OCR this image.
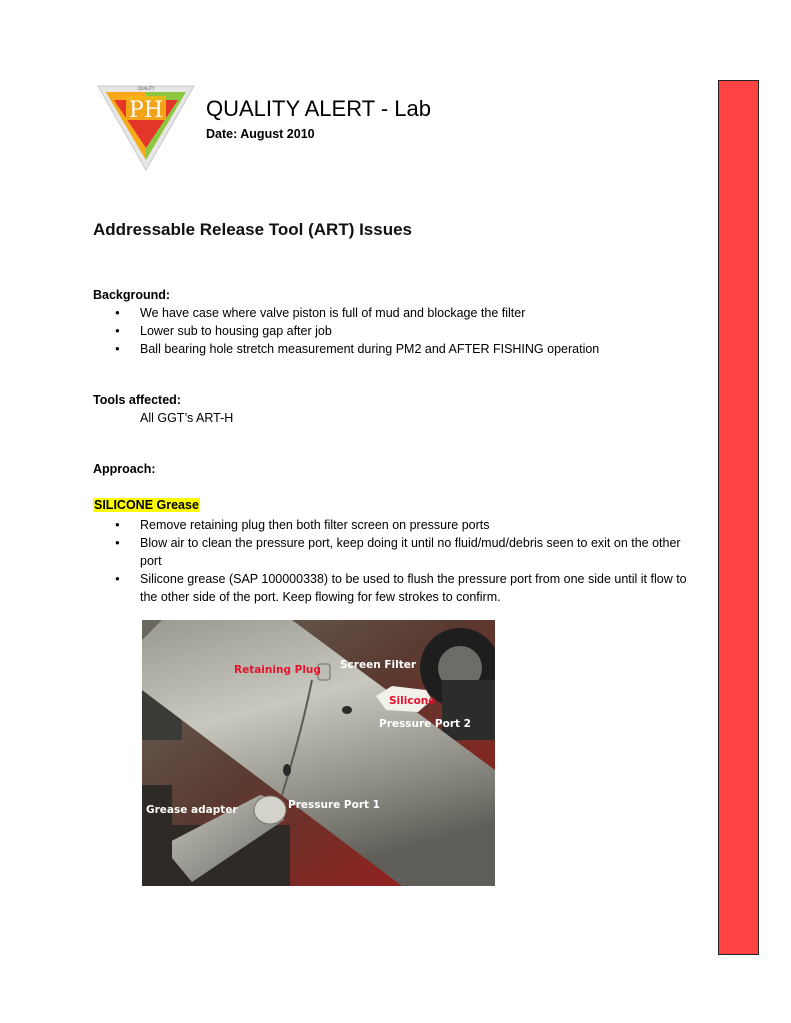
PH
QUALITY
QUALITY ALERT - Lab
Date: August 2010
Addressable Release Tool (ART) Issues
Background:
● We have case where valve piston is full of mud and blockage the filter
● Lower sub to housing gap after job
● Ball bearing hole stretch measurement during PM2 and AFTER FISHING operation
Tools affected:
All GGT’s ART-H
Approach:
SILICONE Grease
● Remove retaining plug then both filter screen on pressure ports
● Blow air to clean the pressure port, keep doing it until no fluid/mud/debris seen to exit on the other port
● Silicone grease (SAP 100000338) to be used to flush the pressure port from one side until it flow to the other side of the port. Keep flowing for few strokes to confirm.
Retaining Plug Screen Filter
Silicone
Pressure Port 2
Grease adapter	Pressure Port 1
